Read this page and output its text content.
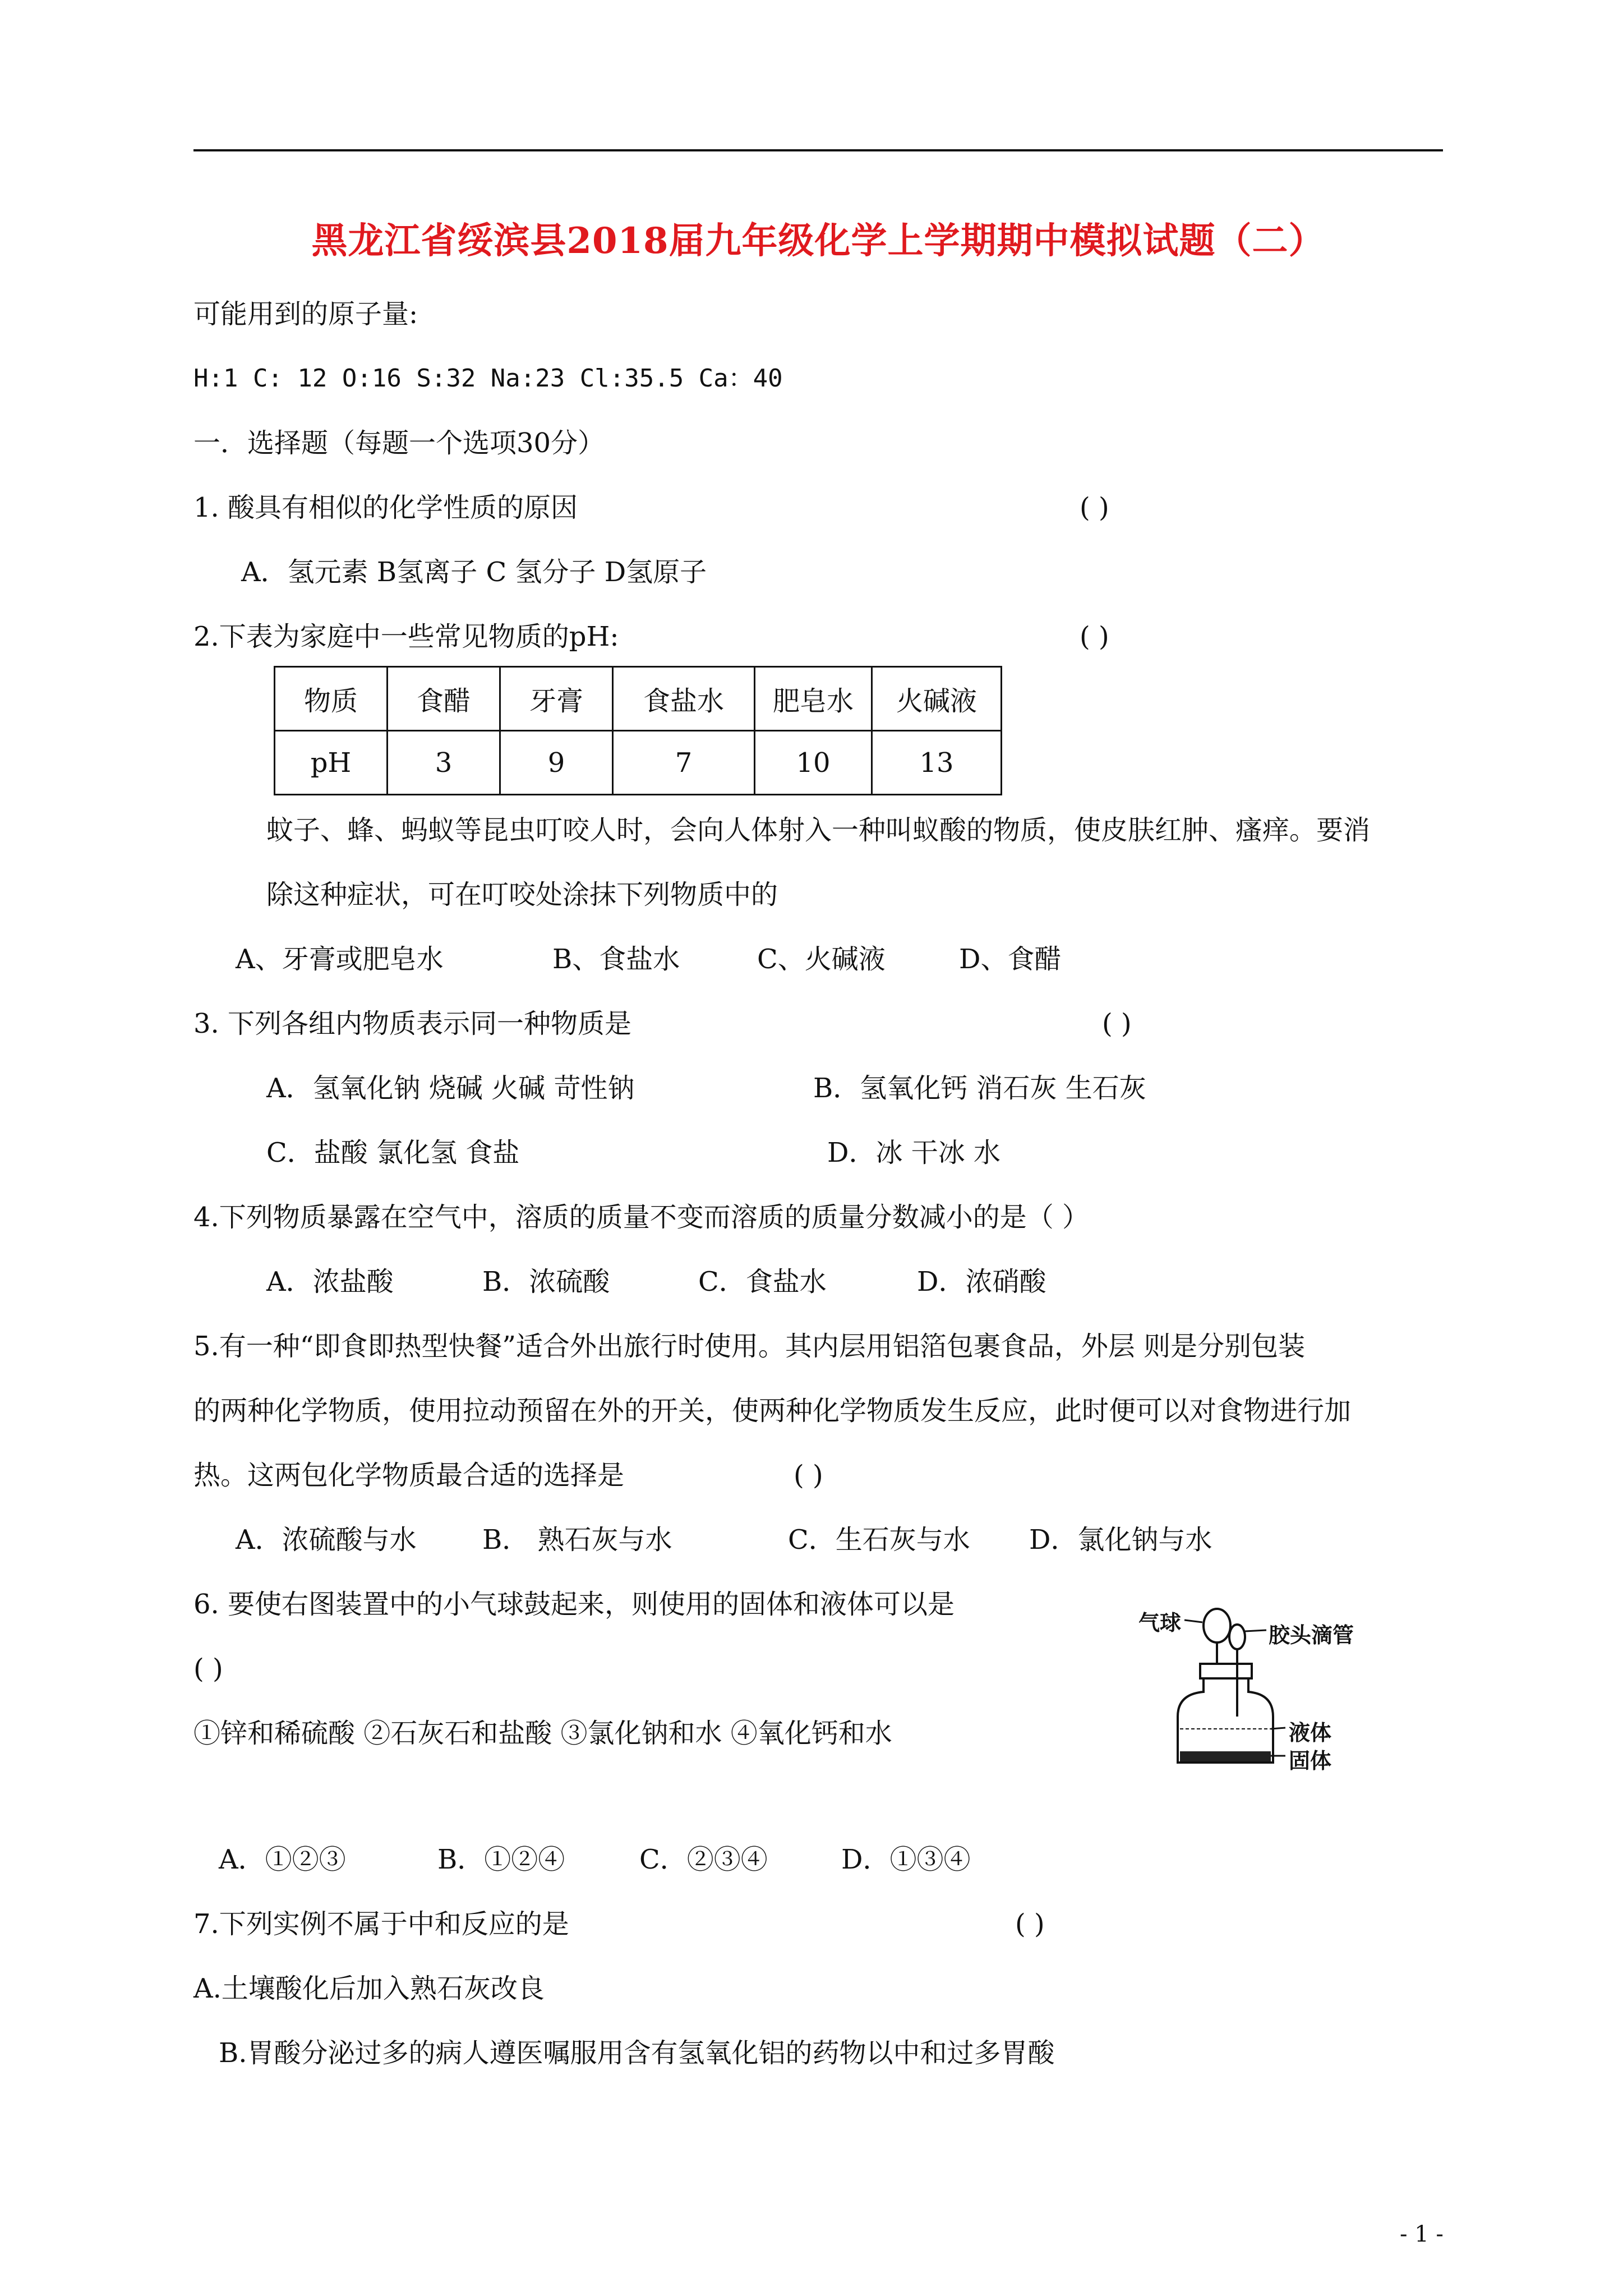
黑龙江省绥滨县2018届九年级化学上学期期中模拟试题（二）
可能用到的原子量:
H:1 C: 12 O:16 S:32 Na:23 Cl:35.5 Ca：40
一．选择题（每题一个选项30分）
1. 酸具有相似的化学性质的原因	( )
A．氢元素 B氢离子 C 氢分子 D氢原子
2.下表为家庭中一些常见物质的pH:	( )
物质	食醋	牙膏	食盐水	肥皂水	火碱液
pH	3	9	7	10	13
蚊子、蜂、蚂蚁等昆虫叮咬人时，会向人体射入一种叫蚁酸的物质，使皮肤红肿、瘙痒。要消
除这种症状，可在叮咬处涂抹下列物质中的
A、牙膏或肥皂水	B、食盐水	C、火碱液	D、食醋
3. 下列各组内物质表示同一种物质是	( )
A．氢氧化钠 烧碱 火碱 苛性钠	B．氢氧化钙 消石灰 生石灰
C．盐酸 氯化氢 食盐	D．冰 干冰 水
4.下列物质暴露在空气中，溶质的质量不变而溶质的质量分数减小的是（ ）
A．浓盐酸	B．浓硫酸	C．食盐水	D．浓硝酸
5.有一种“即食即热型快餐”适合外出旅行时使用。其内层用铝箔包裹食品，外层 则是分别包装
的两种化学物质，使用拉动预留在外的开关，使两种化学物质发生反应，此时便可以对食物进行加
热。这两包化学物质最合适的选择是	( )
A．浓硫酸与水 B． 熟石灰与水	C．生石灰与水 D．氯化钠与水
6. 要使右图装置中的小气球鼓起来，则使用的固体和液体可以是
( )
①锌和稀硫酸 ②石灰石和盐酸 ③氯化钠和水 ④氧化钙和水
气球	胶头滴管
液体
固体
A．①②③	B．①②④	C．②③④	D．①③④
7.下列实例不属于中和反应的是	( )
A.土壤酸化后加入熟石灰改良
B.胃酸分泌过多的病人遵医嘱服用含有氢氧化铝的药物以中和过多胃酸
- 1 -
